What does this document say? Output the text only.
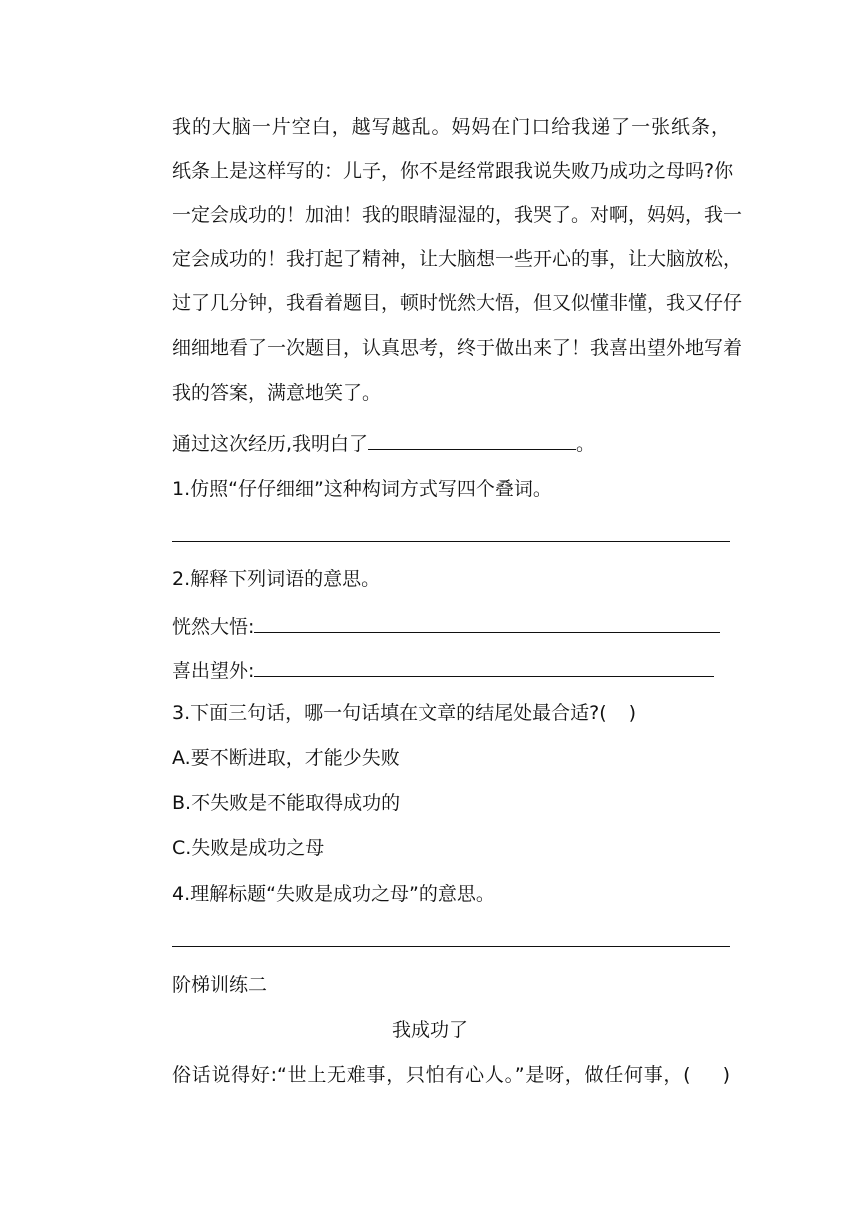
我的大脑一片空白，越写越乱。妈妈在门口给我递了一张纸条，
纸条上是这样写的：儿子，你不是经常跟我说失败乃成功之母吗?你
一定会成功的！加油！我的眼睛湿湿的，我哭了。对啊，妈妈，我一
定会成功的！我打起了精神，让大脑想一些开心的事，让大脑放松，
过了几分钟，我看着题目，顿时恍然大悟，但又似懂非懂，我又仔仔
细细地看了一次题目，认真思考，终于做出来了！我喜出望外地写着
我的答案，满意地笑了。
通过这次经历,我明白了	。
1.仿照“仔仔细细”这种构词方式写四个叠词。
2.解释下列词语的意思。
恍然大悟:
喜出望外:
3.下面三句话，哪一句话填在文章的结尾处最合适?( )
A.要不断进取，才能少失败
B.不失败是不能取得成功的
C.失败是成功之母
4.理解标题“失败是成功之母”的意思。
阶梯训练二
我成功了
俗话说得好:“世上无难事，只怕有心人。”是呀，做任何事，( )
